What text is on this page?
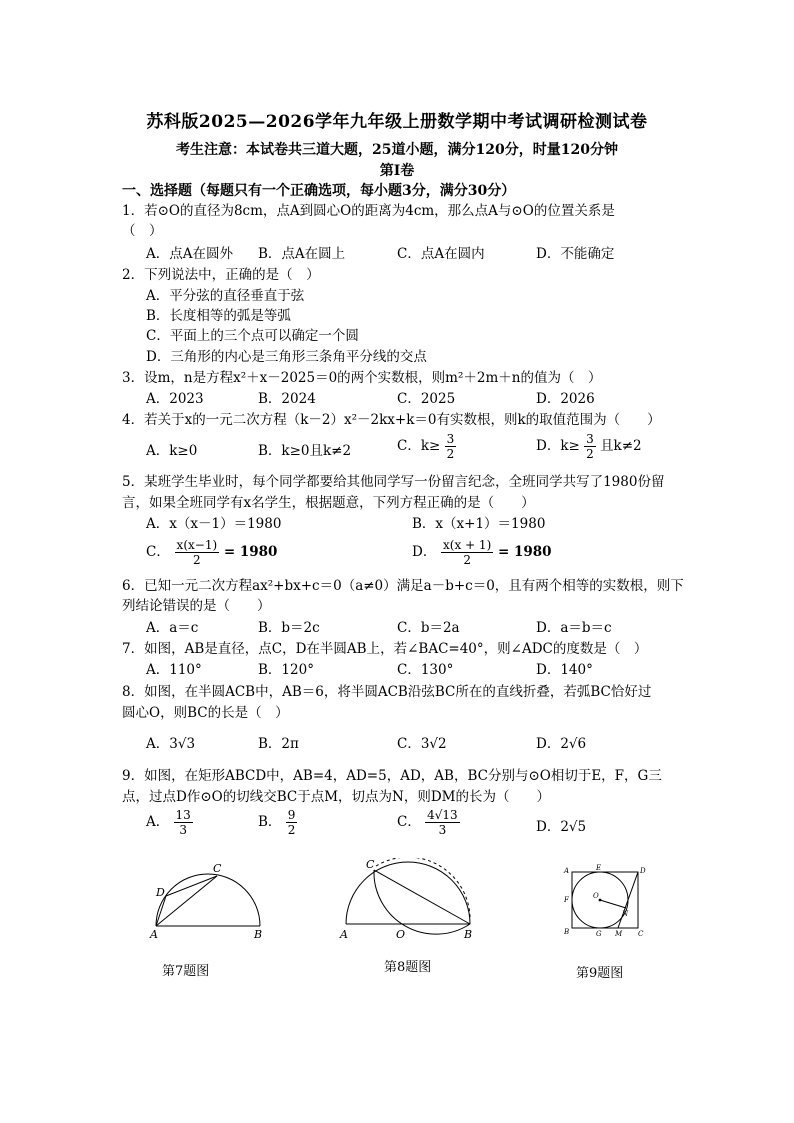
苏科版2025—2026学年九年级上册数学期中考试调研检测试卷
考生注意：本试卷共三道大题，25道小题，满分120分，时量120分钟
第Ⅰ卷
一、选择题（每题只有一个正确选项，每小题3分，满分30分）
1．若⊙O的直径为8cm，点A到圆心O的距离为4cm，那么点A与⊙O的位置关系是
（　）
A．点A在圆外 B．点A在圆上	C．点A在圆内	D．不能确定
2．下列说法中，正确的是（　）
A．平分弦的直径垂直于弦
B．长度相等的弧是等弧
C．平面上的三个点可以确定一个圆
D．三角形的内心是三角形三条角平分线的交点
3．设m，n是方程x²＋x－2025＝0的两个实数根，则m²＋2m＋n的值为（　）
A．2023	B．2024	C．2025	D．2026
4．若关于x的一元二次方程（k－2）x²－2kx+k＝0有实数根，则k的取值范围为（　　）
A．k≥0	B．k≥0且k≠2	C．$k\ge \frac{3}{2}$	D．$k\ge \frac{3}{2}$ 且k≠2
5．某班学生毕业时，每个同学都要给其他同学写一份留言纪念，全班同学共写了1980份留
言，如果全班同学有x名学生，根据题意，下列方程正确的是（　　）
A．x（x－1）＝1980	B．x（x+1）＝1980
C． $\frac{x(x-1)}{2} = 1980$	D． $\frac{x(x + 1)}{2} = 1980$
6．已知一元二次方程ax²+bx+c＝0（a≠0）满足a－b+c＝0，且有两个相等的实数根，则下
列结论错误的是（　　）
A．a＝c	B．b＝2c	C．b＝2a	D．a＝b＝c
7．如图，AB是直径，点C，D在半圆AB上，若∠BAC=40°，则∠ADC的度数是（　）
A．110°	B．120°	C．130°	D．140°
8．如图，在半圆ACB中，AB＝6，将半圆ACB沿弦BC所在的直线折叠，若弧BC恰好过
圆心O，则BC的长是（　）
A．3√3	B．2π	C．3√2	D．2√6
9．如图，在矩形ABCD中，AB=4，AD=5，AD，AB，BC分别与⊙O相切于E，F，G三
点，过点D作⊙O的切线交BC于点M，切点为N，则DM的长为（　　）
A． $\frac{13}{3}$	B． $\frac{9}{2}$	C． $\frac{4√13}{3}$	D．2√5
A	B
C
D
第7题图
A	O	B
C
第8题图
A	E	D
O
F
N
B	G M C
第9题图
